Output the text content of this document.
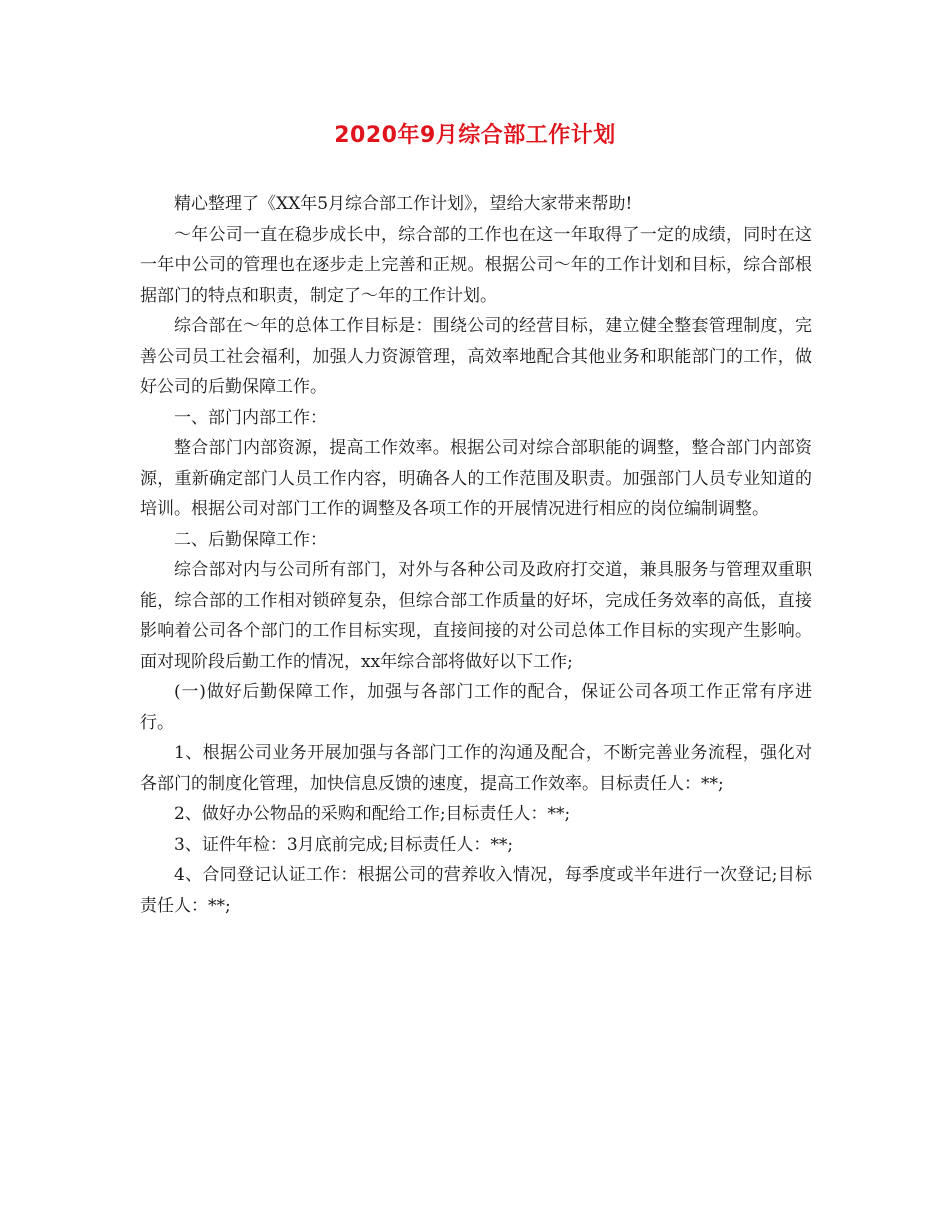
2020年9月综合部工作计划

精心整理了《XX年5月综合部工作计划》，望给大家带来帮助!

～年公司一直在稳步成长中，综合部的工作也在这一年取得了一定的成绩，同时在这一年中公司的管理也在逐步走上完善和正规。根据公司～年的工作计划和目标，综合部根据部门的特点和职责，制定了～年的工作计划。

综合部在～年的总体工作目标是：围绕公司的经营目标，建立健全整套管理制度，完善公司员工社会福利，加强人力资源管理，高效率地配合其他业务和职能部门的工作，做好公司的后勤保障工作。

一、部门内部工作：

整合部门内部资源，提高工作效率。根据公司对综合部职能的调整，整合部门内部资源，重新确定部门人员工作内容，明确各人的工作范围及职责。加强部门人员专业知道的培训。根据公司对部门工作的调整及各项工作的开展情况进行相应的岗位编制调整。

二、后勤保障工作：

综合部对内与公司所有部门，对外与各种公司及政府打交道，兼具服务与管理双重职能，综合部的工作相对锁碎复杂，但综合部工作质量的好坏，完成任务效率的高低，直接影响着公司各个部门的工作目标实现，直接间接的对公司总体工作目标的实现产生影响。面对现阶段后勤工作的情况，xx年综合部将做好以下工作;

(一)做好后勤保障工作，加强与各部门工作的配合，保证公司各项工作正常有序进行。

1、根据公司业务开展加强与各部门工作的沟通及配合，不断完善业务流程，强化对各部门的制度化管理，加快信息反馈的速度，提高工作效率。目标责任人：**;

2、做好办公物品的采购和配给工作;目标责任人：**;

3、证件年检：3月底前完成;目标责任人：**;

4、合同登记认证工作：根据公司的营养收入情况，每季度或半年进行一次登记;目标责任人：**;
